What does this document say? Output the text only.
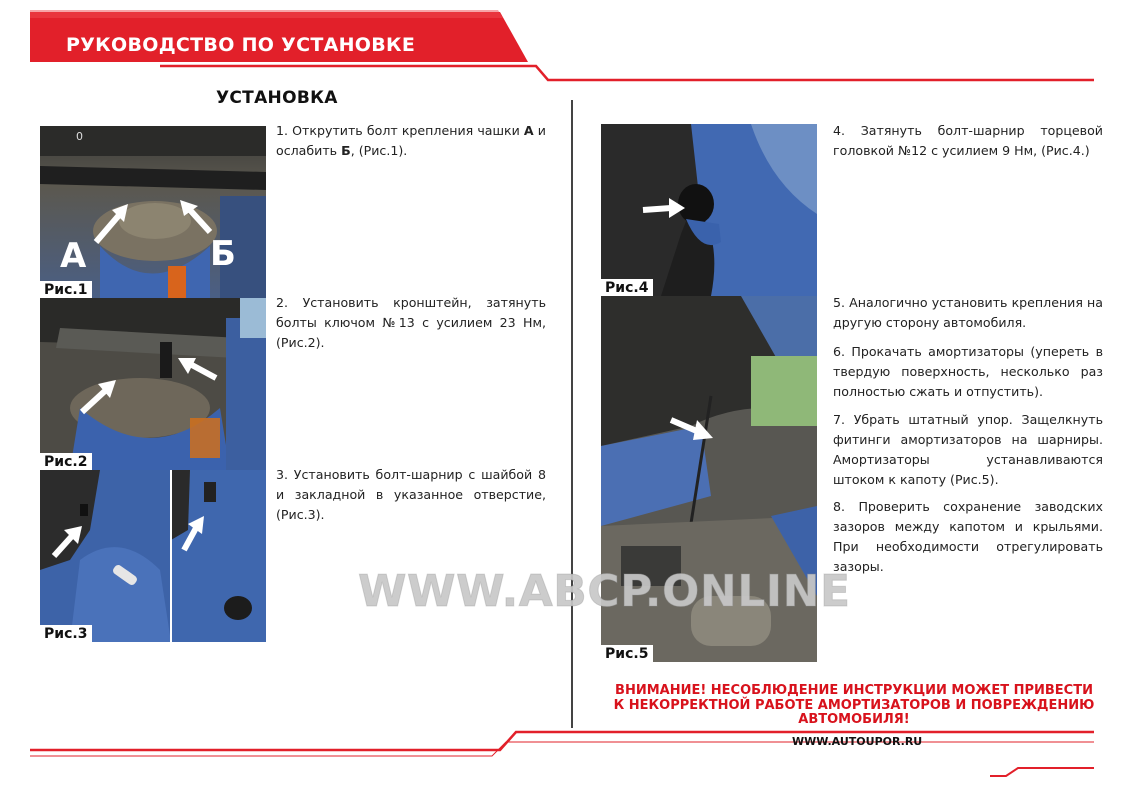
РУКОВОДСТВО ПО УСТАНОВКЕ
УСТАНОВКА
А	Б
0
Рис.1
Рис.2
Рис.3
Рис.4
Рис.5
1. Открутить болт крепления чашки А и ослабить Б, (Рис.1).
2. Установить кронштейн, затянуть болты ключом №13 с усилием 23 Нм, (Рис.2).
3. Установить болт-шарнир с шайбой 8 и закладной в указанное отверстие, (Рис.3).
4. Затянуть болт-шарнир торцевой головкой №12 с усилием 9 Нм, (Рис.4.)
5. Аналогично установить крепления на другую сторону автомобиля.
6. Прокачать амортизаторы (упереть в твердую поверхность, несколько раз полностью сжать и отпустить).
7. Убрать штатный упор. Защелкнуть фитинги амортизаторов на шарниры. Амортизаторы устанавливаются штоком к капоту (Рис.5).
8. Проверить сохранение заводских зазоров между капотом и крыльями. При необходимости отрегулировать зазоры.
WWW.ABCP.ONLINE
ВНИМАНИЕ! НЕСОБЛЮДЕНИЕ ИНСТРУКЦИИ МОЖЕТ ПРИВЕСТИ К НЕКОРРЕКТНОЙ РАБОТЕ АМОРТИЗАТОРОВ И ПОВРЕЖДЕНИЮ АВТОМОБИЛЯ!
WWW.AUTOUPOR.RU
